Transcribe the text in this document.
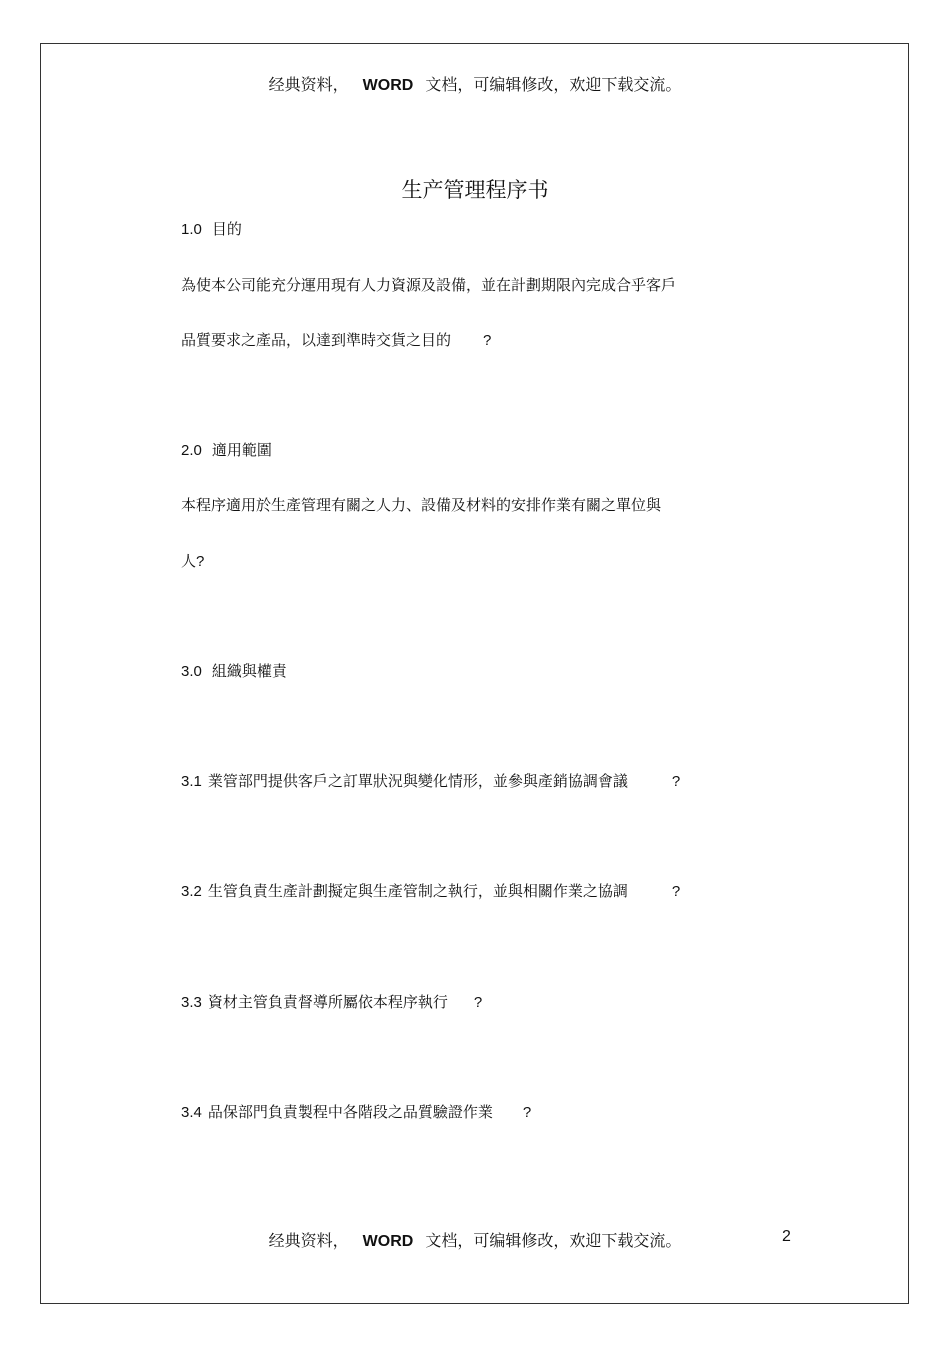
经典资料， WORD 文档，可编辑修改，欢迎下载交流。
生产管理程序书
1.0 目的
為使本公司能充分運用現有人力資源及設備，並在計劃期限內完成合乎客戶
品質要求之產品，以達到準時交貨之目的 ?
2.0 適用範圍
本程序適用於生產管理有關之人力、設備及材料的安排作業有關之單位與
人?
3.0 組織與權責
3.1 業管部門提供客戶之訂單狀況與變化情形，並參與產銷協調會議	?
3.2 生管負責生產計劃擬定與生產管制之執行，並與相關作業之協調	?
3.3 資材主管負責督導所屬依本程序執行 ?
3.4 品保部門負責製程中各階段之品質驗證作業 ?
经典资料， WORD 文档，可编辑修改，欢迎下载交流。	2
